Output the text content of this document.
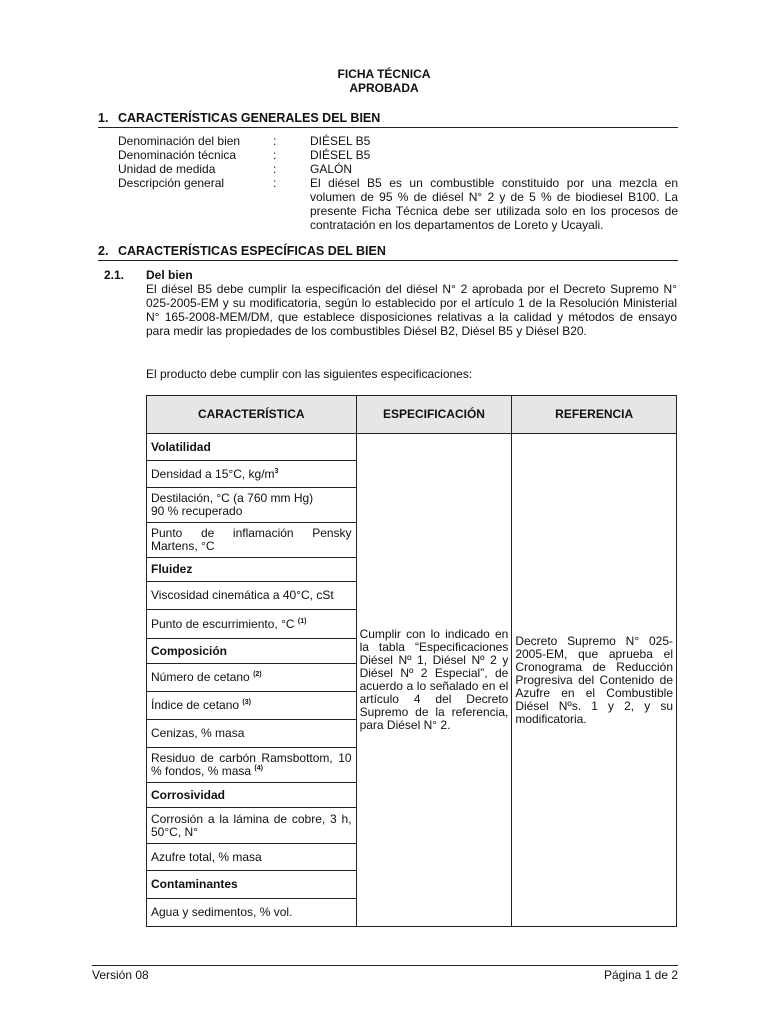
FICHA TÉCNICA
APROBADA
1. CARACTERÍSTICAS GENERALES DEL BIEN
Denominación del bien	:	DIÉSEL B5
Denominación técnica	:	DIÉSEL B5
Unidad de medida	:	GALÓN
Descripción general	:	El diésel B5 es un combustible constituido por una mezcla en volumen de 95 % de diésel N° 2 y de 5 % de biodiesel B100. La presente Ficha Técnica debe ser utilizada solo en los procesos de contratación en los departamentos de Loreto y Ucayali.
2. CARACTERÍSTICAS ESPECÍFICAS DEL BIEN
2.1. Del bien
El diésel B5 debe cumplir la especificación del diésel N° 2 aprobada por el Decreto Supremo N° 025-2005-EM y su modificatoria, según lo establecido por el artículo 1 de la Resolución Ministerial N° 165-2008-MEM/DM, que establece disposiciones relativas a la calidad y métodos de ensayo para medir las propiedades de los combustibles Diésel B2, Diésel B5 y Diésel B20.
El producto debe cumplir con las siguientes especificaciones:
CARACTERÍSTICA	ESPECIFICACIÓN	REFERENCIA
Volatilidad	Cumplir con lo indicado en la tabla “Especificaciones Diésel Nº 1, Diésel Nº 2 y Diésel Nº 2 Especial”, de acuerdo a lo señalado en el artículo 4 del Decreto Supremo de la referencia, para Diésel N° 2.	Decreto Supremo N° 025-2005-EM, que aprueba el Cronograma de Reducción Progresiva del Contenido de Azufre en el Combustible Diésel Nºs. 1 y 2, y su modificatoria.
Densidad a 15°C, kg/m$^3$
Destilación, °C (a 760 mm Hg)
90 % recuperado		
Punto de inflamación Pensky Martens, °C		
Fluidez		
Viscosidad cinemática a 40°C, cSt		
Punto de escurrimiento, °C $^{(1)}$
Composición		
Número de cetano $^{(2)}$
Índice de cetano $^{(3)}$
Cenizas, % masa		
Residuo de carbón Ramsbottom, 10 % fondos, % masa $^{(4)}$
Corrosividad		
Corrosión a la lámina de cobre, 3 h, 50°C, N°		
Azufre total, % masa		
Contaminantes		
Agua y sedimentos, % vol.		
Versión 08	Página 1 de 2
